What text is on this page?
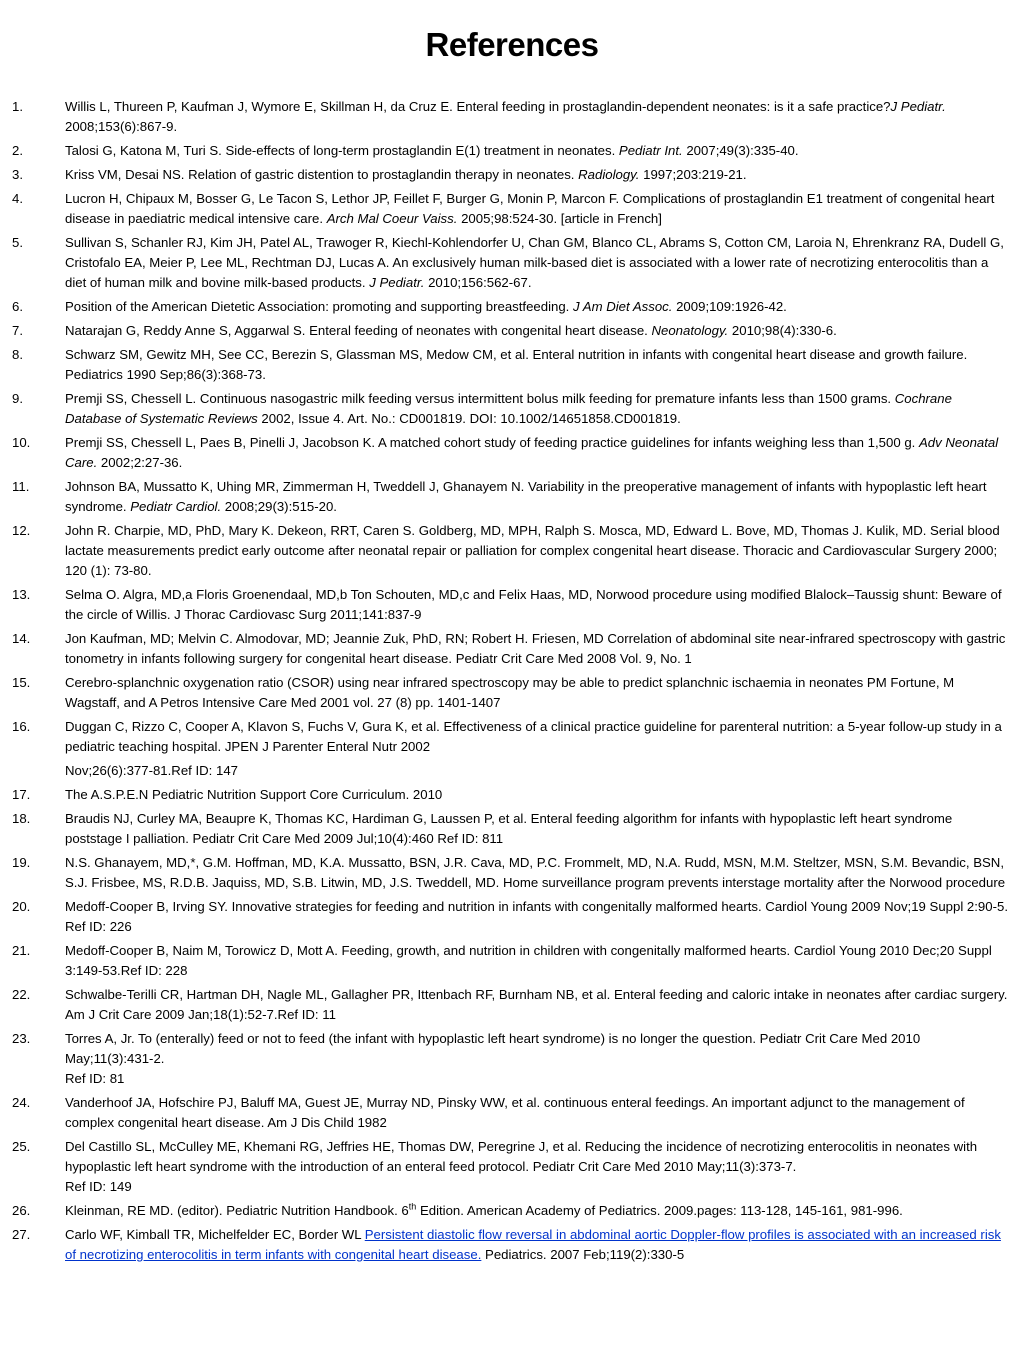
References
1.	Willis L, Thureen P, Kaufman J, Wymore E, Skillman H, da Cruz E. Enteral feeding in prostaglandin-dependent neonates: is it a safe practice?J Pediatr. 2008;153(6):867-9.
2.	Talosi G, Katona M, Turi S. Side-effects of long-term prostaglandin E(1) treatment in neonates. Pediatr Int. 2007;49(3):335-40.
3.	Kriss VM, Desai NS. Relation of gastric distention to prostaglandin therapy in neonates. Radiology. 1997;203:219-21.
4.	Lucron H, Chipaux M, Bosser G, Le Tacon S, Lethor JP, Feillet F, Burger G, Monin P, Marcon F. Complications of prostaglandin E1 treatment of congenital heart disease in paediatric medical intensive care. Arch Mal Coeur Vaiss. 2005;98:524-30. [article in French]
5.	Sullivan S, Schanler RJ, Kim JH, Patel AL, Trawoger R, Kiechl-Kohlendorfer U, Chan GM, Blanco CL, Abrams S, Cotton CM, Laroia N, Ehrenkranz RA, Dudell G, Cristofalo EA, Meier P, Lee ML, Rechtman DJ, Lucas A. An exclusively human milk-based diet is associated with a lower rate of necrotizing enterocolitis than a diet of human milk and bovine milk-based products. J Pediatr. 2010;156:562-67.
6.	Position of the American Dietetic Association: promoting and supporting breastfeeding. J Am Diet Assoc. 2009;109:1926-42.
7.	Natarajan G, Reddy Anne S, Aggarwal S. Enteral feeding of neonates with congenital heart disease. Neonatology. 2010;98(4):330-6.
8.	Schwarz SM, Gewitz MH, See CC, Berezin S, Glassman MS, Medow CM, et al. Enteral nutrition in infants with congenital heart disease and growth failure. Pediatrics 1990 Sep;86(3):368-73.
9.	Premji SS, Chessell L. Continuous nasogastric milk feeding versus intermittent bolus milk feeding for premature infants less than 1500 grams. Cochrane Database of Systematic Reviews 2002, Issue 4. Art. No.: CD001819. DOI: 10.1002/14651858.CD001819.
10.	Premji SS, Chessell L, Paes B, Pinelli J, Jacobson K. A matched cohort study of feeding practice guidelines for infants weighing less than 1,500 g. Adv Neonatal Care. 2002;2:27-36.
11.	Johnson BA, Mussatto K, Uhing MR, Zimmerman H, Tweddell J, Ghanayem N. Variability in the preoperative management of infants with hypoplastic left heart syndrome. Pediatr Cardiol. 2008;29(3):515-20.
12.	John R. Charpie, MD, PhD, Mary K. Dekeon, RRT, Caren S. Goldberg, MD, MPH, Ralph S. Mosca, MD, Edward L. Bove, MD, Thomas J. Kulik, MD. Serial blood lactate measurements predict early outcome after neonatal repair or palliation for complex congenital heart disease. Thoracic and Cardiovascular Surgery 2000; 120 (1): 73-80.
13.	Selma O. Algra, MD,a Floris Groenendaal, MD,b Ton Schouten, MD,c and Felix Haas, MD, Norwood procedure using modified Blalock–Taussig shunt: Beware of the circle of Willis. J Thorac Cardiovasc Surg 2011;141:837-9
14.	Jon Kaufman, MD; Melvin C. Almodovar, MD; Jeannie Zuk, PhD, RN; Robert H. Friesen, MD Correlation of abdominal site near-infrared spectroscopy with gastric tonometry in infants following surgery for congenital heart disease. Pediatr Crit Care Med 2008 Vol. 9, No. 1
15.	Cerebro-splanchnic oxygenation ratio (CSOR) using near infrared spectroscopy may be able to predict splanchnic ischaemia in neonates PM Fortune, M Wagstaff, and A Petros Intensive Care Med 2001 vol. 27 (8) pp. 1401-1407
16.	Duggan C, Rizzo C, Cooper A, Klavon S, Fuchs V, Gura K, et al. Effectiveness of a clinical practice guideline for parenteral nutrition: a 5-year follow-up study in a pediatric teaching hospital. JPEN J Parenter Enteral Nutr 2002
Nov;26(6):377-81.Ref ID: 147
17.	The A.S.P.E.N Pediatric Nutrition Support Core Curriculum. 2010
18.	Braudis NJ, Curley MA, Beaupre K, Thomas KC, Hardiman G, Laussen P, et al. Enteral feeding algorithm for infants with hypoplastic left heart syndrome poststage I palliation. Pediatr Crit Care Med 2009 Jul;10(4):460 Ref ID: 811
19.	N.S. Ghanayem, MD,*, G.M. Hoffman, MD, K.A. Mussatto, BSN, J.R. Cava, MD, P.C. Frommelt, MD, N.A. Rudd, MSN, M.M. Steltzer, MSN, S.M. Bevandic, BSN, S.J. Frisbee, MS, R.D.B. Jaquiss, MD, S.B. Litwin, MD, J.S. Tweddell, MD. Home surveillance program prevents interstage mortality after the Norwood procedure
20.	Medoff-Cooper B, Irving SY. Innovative strategies for feeding and nutrition in infants with congenitally malformed hearts. Cardiol Young 2009 Nov;19 Suppl 2:90-5. Ref ID: 226
21.	Medoff-Cooper B, Naim M, Torowicz D, Mott A. Feeding, growth, and nutrition in children with congenitally malformed hearts. Cardiol Young 2010 Dec;20 Suppl 3:149-53.Ref ID: 228
22.	Schwalbe-Terilli CR, Hartman DH, Nagle ML, Gallagher PR, Ittenbach RF, Burnham NB, et al. Enteral feeding and caloric intake in neonates after cardiac surgery. Am J Crit Care 2009 Jan;18(1):52-7.Ref ID: 11
23.	Torres A, Jr. To (enterally) feed or not to feed (the infant with hypoplastic left heart syndrome) is no longer the question. Pediatr Crit Care Med 2010 May;11(3):431-2.
Ref ID: 81
24.	Vanderhoof JA, Hofschire PJ, Baluff MA, Guest JE, Murray ND, Pinsky WW, et al. continuous enteral feedings. An important adjunct to the management of complex congenital heart disease. Am J Dis Child 1982
25.	Del Castillo SL, McCulley ME, Khemani RG, Jeffries HE, Thomas DW, Peregrine J, et al. Reducing the incidence of necrotizing enterocolitis in neonates with hypoplastic left heart syndrome with the introduction of an enteral feed protocol. Pediatr Crit Care Med 2010 May;11(3):373-7.
Ref ID: 149
26.	Kleinman, RE MD. (editor). Pediatric Nutrition Handbook. 6th Edition. American Academy of Pediatrics. 2009.pages: 113-128, 145-161, 981-996.
27.	Carlo WF, Kimball TR, Michelfelder EC, Border WL Persistent diastolic flow reversal in abdominal aortic Doppler-flow profiles is associated with an increased risk of necrotizing enterocolitis in term infants with congenital heart disease. Pediatrics. 2007 Feb;119(2):330-5
